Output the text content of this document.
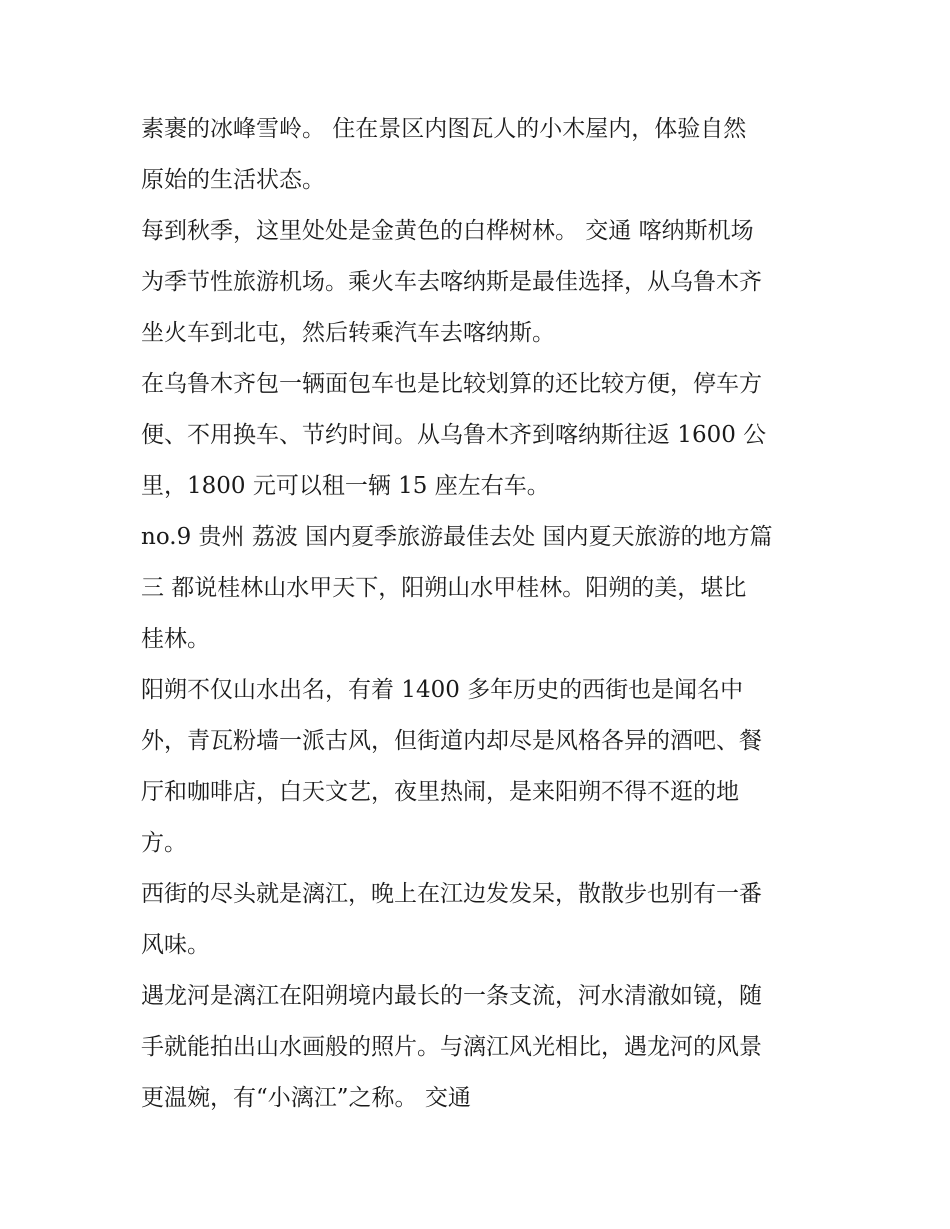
素裹的冰峰雪岭。 住在景区内图瓦人的小木屋内，体验自然
原始的生活状态。

每到秋季，这里处处是金黄色的白桦树林。 交通 喀纳斯机场
为季节性旅游机场。乘火车去喀纳斯是最佳选择，从乌鲁木齐
坐火车到北屯，然后转乘汽车去喀纳斯。

在乌鲁木齐包一辆面包车也是比较划算的还比较方便，停车方
便、不用换车、节约时间。从乌鲁木齐到喀纳斯往返 1600 公
里，1800 元可以租一辆 15 座左右车。

no.9 贵州 荔波 国内夏季旅游最佳去处 国内夏天旅游的地方篇
三 都说桂林山水甲天下，阳朔山水甲桂林。阳朔的美，堪比
桂林。

阳朔不仅山水出名，有着 1400 多年历史的西街也是闻名中
外，青瓦粉墙一派古风，但街道内却尽是风格各异的酒吧、餐
厅和咖啡店，白天文艺，夜里热闹，是来阳朔不得不逛的地
方。

西街的尽头就是漓江，晚上在江边发发呆，散散步也别有一番
风味。

遇龙河是漓江在阳朔境内最长的一条支流，河水清澈如镜，随
手就能拍出山水画般的照片。与漓江风光相比，遇龙河的风景
更温婉，有“小漓江”之称。 交通
